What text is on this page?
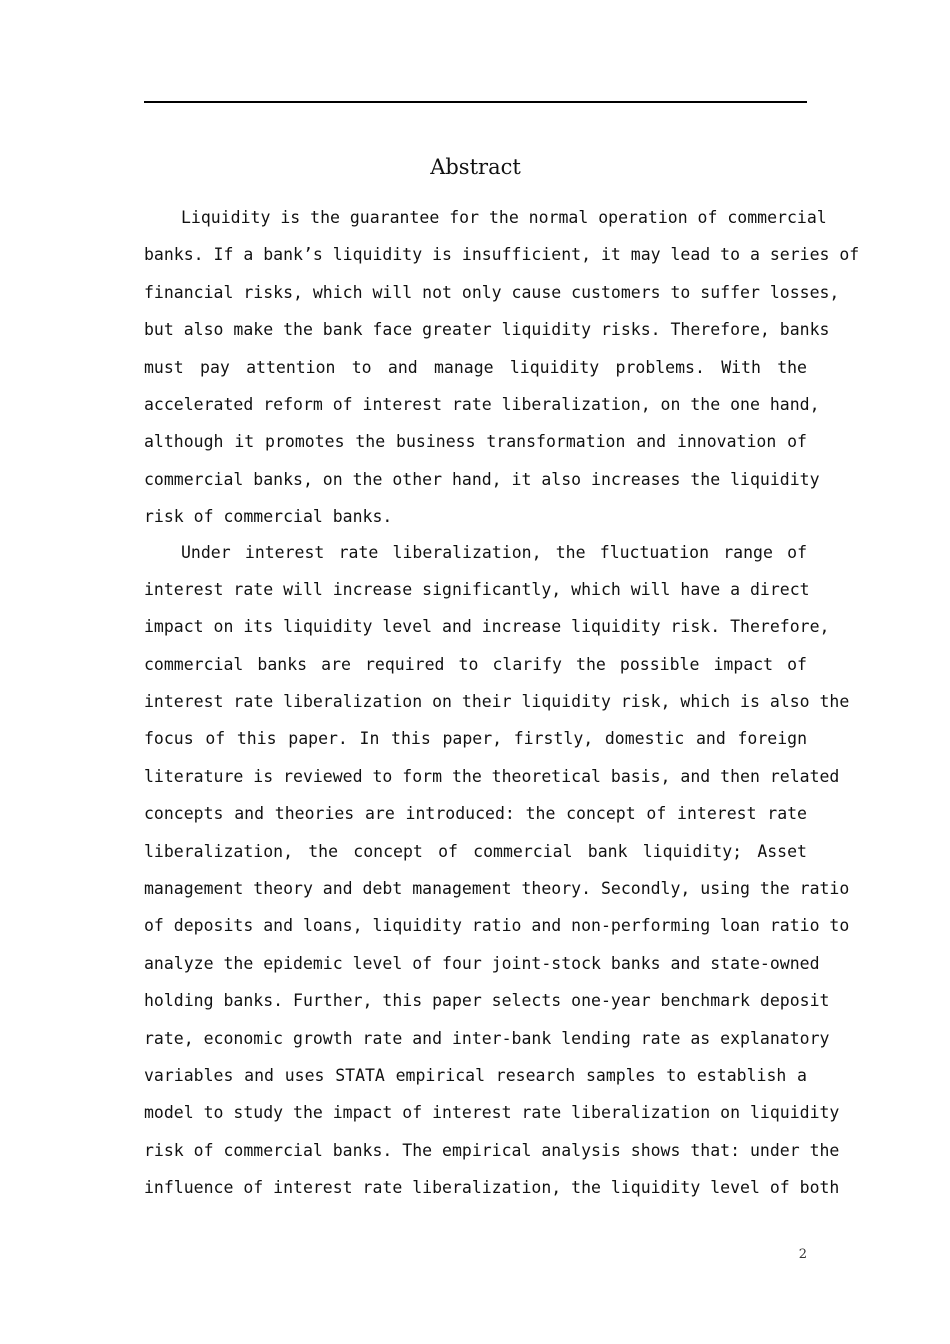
Abstract
Liquidity is the guarantee for the normal operation of commercial
banks. If a bank’s liquidity is insufficient, it may lead to a series of
financial risks, which will not only cause customers to suffer losses,
but also make the bank face greater liquidity risks. Therefore, banks
must pay attention to and manage liquidity problems. With the
accelerated reform of interest rate liberalization, on the one hand,
although it promotes the business transformation and innovation of
commercial banks, on the other hand, it also increases the liquidity
risk of commercial banks.
Under interest rate liberalization, the fluctuation range of
interest rate will increase significantly, which will have a direct
impact on its liquidity level and increase liquidity risk. Therefore,
commercial banks are required to clarify the possible impact of
interest rate liberalization on their liquidity risk, which is also the
focus of this paper. In this paper, firstly, domestic and foreign
literature is reviewed to form the theoretical basis, and then related
concepts and theories are introduced: the concept of interest rate
liberalization, the concept of commercial bank liquidity; Asset
management theory and debt management theory. Secondly, using the ratio
of deposits and loans, liquidity ratio and non-performing loan ratio to
analyze the epidemic level of four joint-stock banks and state-owned
holding banks. Further, this paper selects one-year benchmark deposit
rate, economic growth rate and inter-bank lending rate as explanatory
variables and uses STATA empirical research samples to establish a
model to study the impact of interest rate liberalization on liquidity
risk of commercial banks. The empirical analysis shows that: under the
influence of interest rate liberalization, the liquidity level of both
2
